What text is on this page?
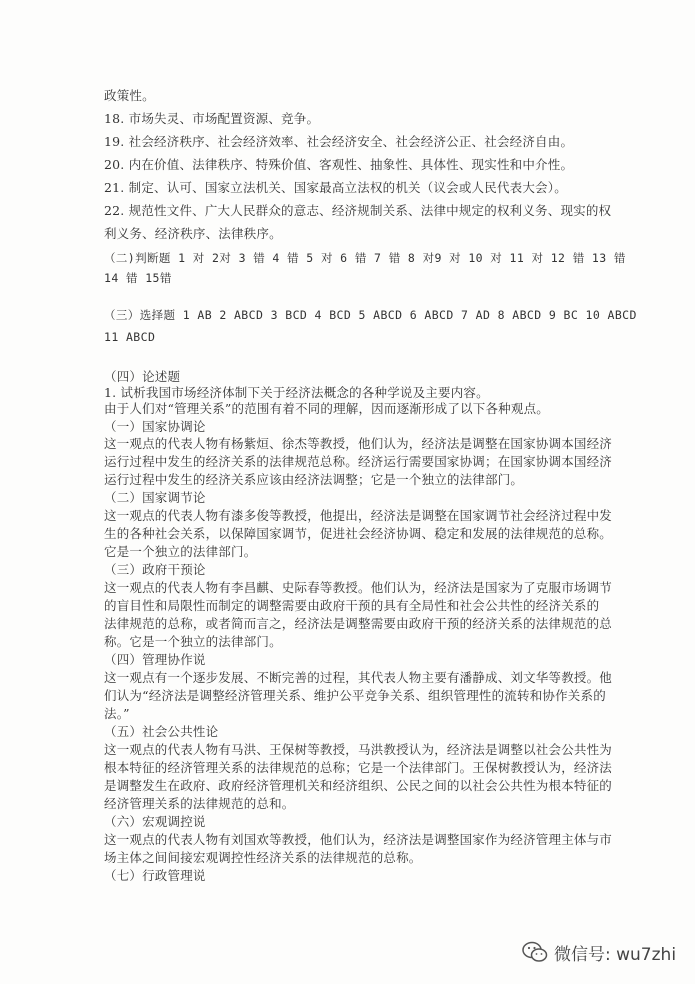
政策性。
18. 市场失灵、市场配置资源、竞争。
19. 社会经济秩序、社会经济效率、社会经济安全、社会经济公正、社会经济自由。
20. 内在价值、法律秩序、特殊价值、客观性、抽象性、具体性、现实性和中介性。
21. 制定、认可、国家立法机关、国家最高立法权的机关（议会或人民代表大会）。
22. 规范性文件、广大人民群众的意志、经济规制关系、法律中规定的权利义务、现实的权
利义务、经济秩序、法律秩序。
（二)判断题 1 对 2对 3 错 4 错 5 对 6 错 7 错 8 对9 对 10 对 11 对 12 错 13 错
14 错 15错
（三）选择题 1 AB 2 ABCD 3 BCD 4 BCD 5 ABCD 6 ABCD 7 AD 8 ABCD 9 BC 10 ABCD
11 ABCD
（四）论述题
1. 试析我国市场经济体制下关于经济法概念的各种学说及主要内容。
由于人们对“管理关系”的范围有着不同的理解，因而逐渐形成了以下各种观点。
（一）国家协调论
这一观点的代表人物有杨紫烜、徐杰等教授，他们认为，经济法是调整在国家协调本国经济
运行过程中发生的经济关系的法律规范总称。经济运行需要国家协调；在国家协调本国经济
运行过程中发生的经济关系应该由经济法调整；它是一个独立的法律部门。
（二）国家调节论
这一观点的代表人物有漆多俊等教授，他提出，经济法是调整在国家调节社会经济过程中发
生的各种社会关系，以保障国家调节，促进社会经济协调、稳定和发展的法律规范的总称。
它是一个独立的法律部门。
（三）政府干预论
这一观点的代表人物有李昌麒、史际春等教授。他们认为，经济法是国家为了克服市场调节
的盲目性和局限性而制定的调整需要由政府干预的具有全局性和社会公共性的经济关系的
法律规范的总称，或者简而言之，经济法是调整需要由政府干预的经济关系的法律规范的总
称。它是一个独立的法律部门。
（四）管理协作说
这一观点有一个逐步发展、不断完善的过程，其代表人物主要有潘静成、刘文华等教授。他
们认为“经济法是调整经济管理关系、维护公平竞争关系、组织管理性的流转和协作关系的
法。”
（五）社会公共性论
这一观点的代表人物有马洪、王保树等教授，马洪教授认为，经济法是调整以社会公共性为
根本特征的经济管理关系的法律规范的总称；它是一个法律部门。王保树教授认为，经济法
是调整发生在政府、政府经济管理机关和经济组织、公民之间的以社会公共性为根本特征的
经济管理关系的法律规范的总和。
（六）宏观调控说
这一观点的代表人物有刘国欢等教授，他们认为，经济法是调整国家作为经济管理主体与市
场主体之间间接宏观调控性经济关系的法律规范的总称。
（七）行政管理说
微信号: wu7zhi
